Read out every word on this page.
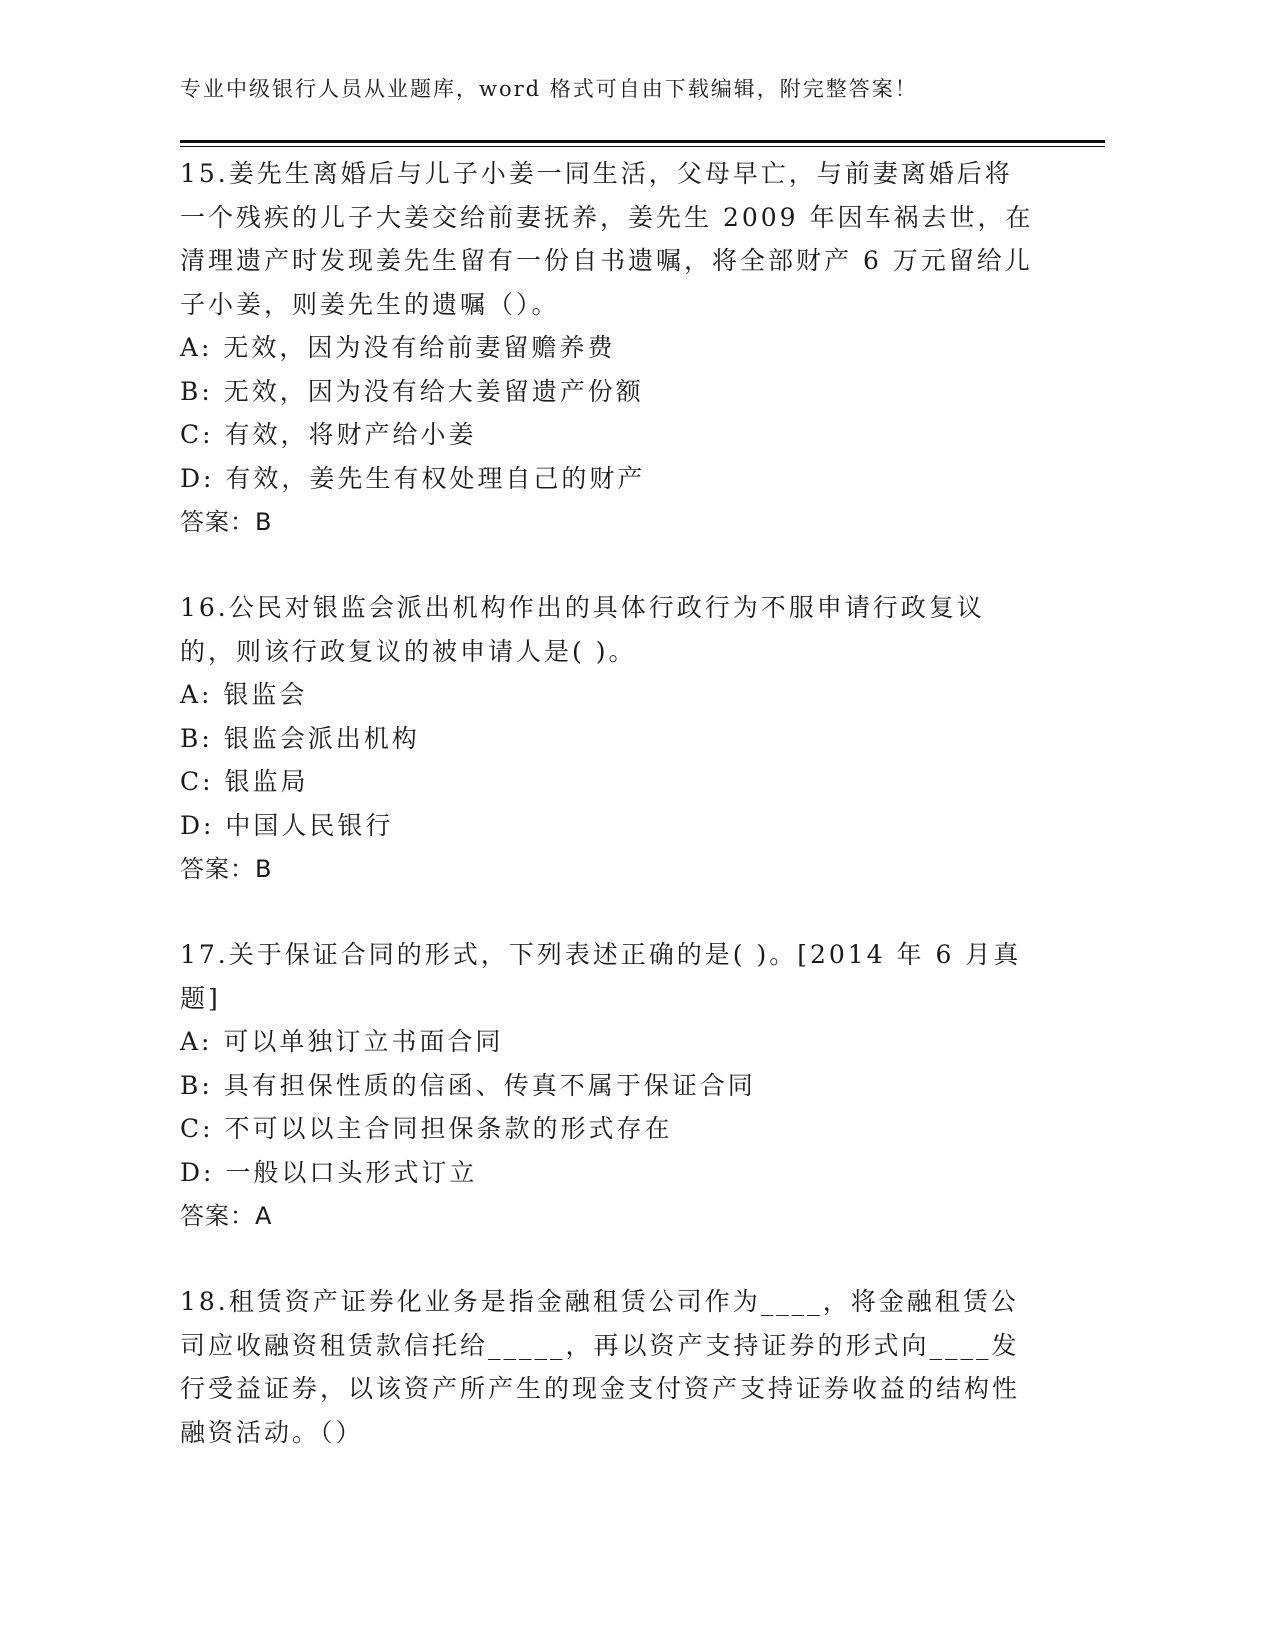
专业中级银行人员从业题库，word 格式可自由下载编辑，附完整答案！
15.姜先生离婚后与儿子小姜一同生活，父母早亡，与前妻离婚后将一个残疾的儿子大姜交给前妻抚养，姜先生 2009 年因车祸去世，在清理遗产时发现姜先生留有一份自书遗嘱，将全部财产 6 万元留给儿子小姜，则姜先生的遗嘱（）。
A: 无效，因为没有给前妻留赡养费
B: 无效，因为没有给大姜留遗产份额
C: 有效，将财产给小姜
D: 有效，姜先生有权处理自己的财产
答案：B
16.公民对银监会派出机构作出的具体行政行为不服申请行政复议的，则该行政复议的被申请人是( )。
A: 银监会
B: 银监会派出机构
C: 银监局
D: 中国人民银行
答案：B
17.关于保证合同的形式，下列表述正确的是( )。[2014 年 6 月真题]
A: 可以单独订立书面合同
B: 具有担保性质的信函、传真不属于保证合同
C: 不可以以主合同担保条款的形式存在
D: 一般以口头形式订立
答案：A
18.租赁资产证券化业务是指金融租赁公司作为____，将金融租赁公司应收融资租赁款信托给_____，再以资产支持证券的形式向____发行受益证券，以该资产所产生的现金支付资产支持证券收益的结构性融资活动。（）
